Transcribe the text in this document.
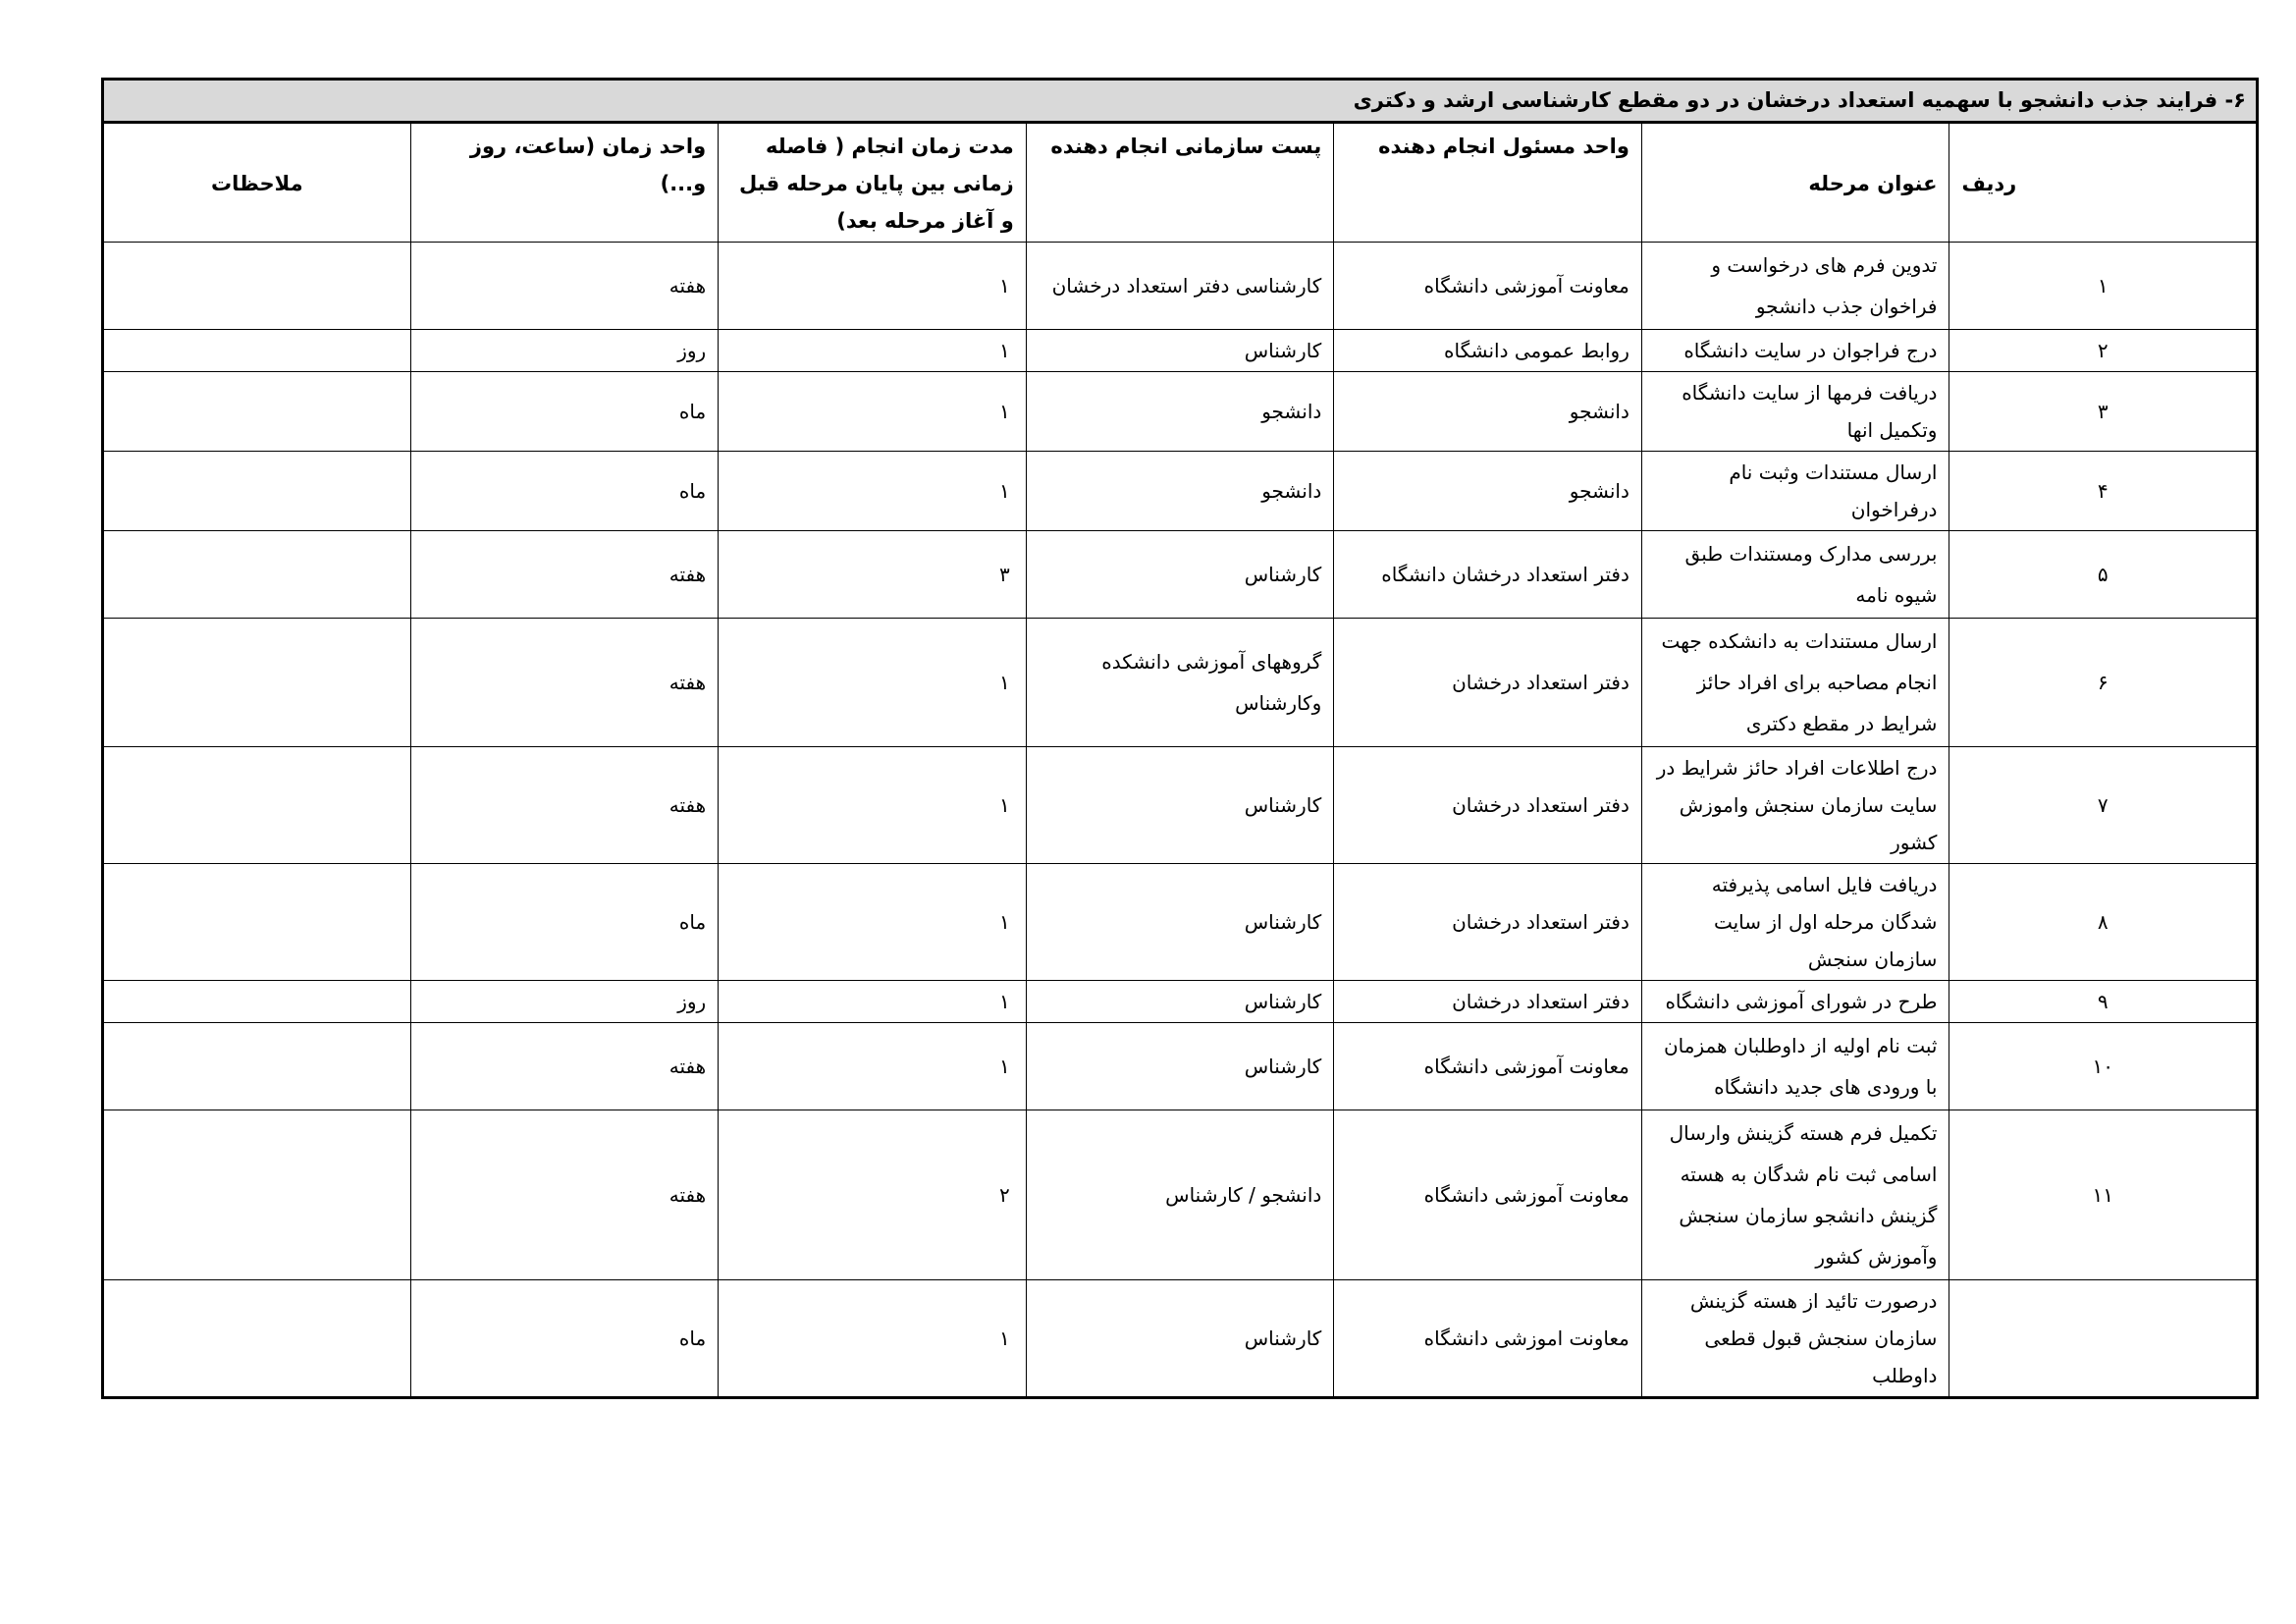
۶- فرایند جذب دانشجو با سهمیه استعداد درخشان در دو مقطع کارشناسی ارشد و دکتری						
ردیف	عنوان مرحله	واحد مسئول انجام دهنده	پست سازمانی انجام دهنده	مدت زمان انجام ( فاصله زمانی بین پایان مرحله قبل و آغاز مرحله بعد)	واحد زمان (ساعت، روز و...)	ملاحظات
۱	تدوین فرم های درخواست و فراخوان جذب دانشجو	معاونت آموزشی دانشگاه	کارشناسی دفتر استعداد درخشان	۱	هفته	
۲	درج فراجوان در سایت دانشگاه	روابط عمومی دانشگاه	کارشناس	۱	روز	
۳	دریافت فرمها از سایت دانشگاه وتکمیل انها	دانشجو	دانشجو	۱	ماه	
۴	ارسال مستندات وثبت نام درفراخوان	دانشجو	دانشجو	۱	ماه	
۵	بررسی مدارک ومستندات طبق شیوه نامه	دفتر استعداد درخشان دانشگاه	کارشناس	۳	هفته	
۶	ارسال مستندات به دانشکده جهت انجام مصاحبه برای افراد حائز شرایط در مقطع دکتری	دفتر استعداد درخشان	گروههای آموزشی دانشکده وکارشناس	۱	هفته	
۷	درج اطلاعات افراد حائز شرایط در سایت سازمان سنجش واموزش کشور	دفتر استعداد درخشان	کارشناس	۱	هفته	
۸	دریافت فایل اسامی پذیرفته شدگان مرحله اول از سایت سازمان سنجش	دفتر استعداد درخشان	کارشناس	۱	ماه	
۹	طرح در شورای آموزشی دانشگاه	دفتر استعداد درخشان	کارشناس	۱	روز	
۱۰	ثبت نام اولیه از داوطلبان همزمان با ورودی های جدید دانشگاه	معاونت آموزشی دانشگاه	کارشناس	۱	هفته	
۱۱	تکمیل فرم هسته گزینش وارسال اسامی ثبت نام شدگان به هسته گزینش دانشجو سازمان سنجش وآموزش کشور	معاونت آموزشی دانشگاه	دانشجو / کارشناس	۲	هفته	
	درصورت تائید از هسته گزینش سازمان سنجش قبول قطعی داوطلب	معاونت اموزشی دانشگاه	کارشناس	۱	ماه	
